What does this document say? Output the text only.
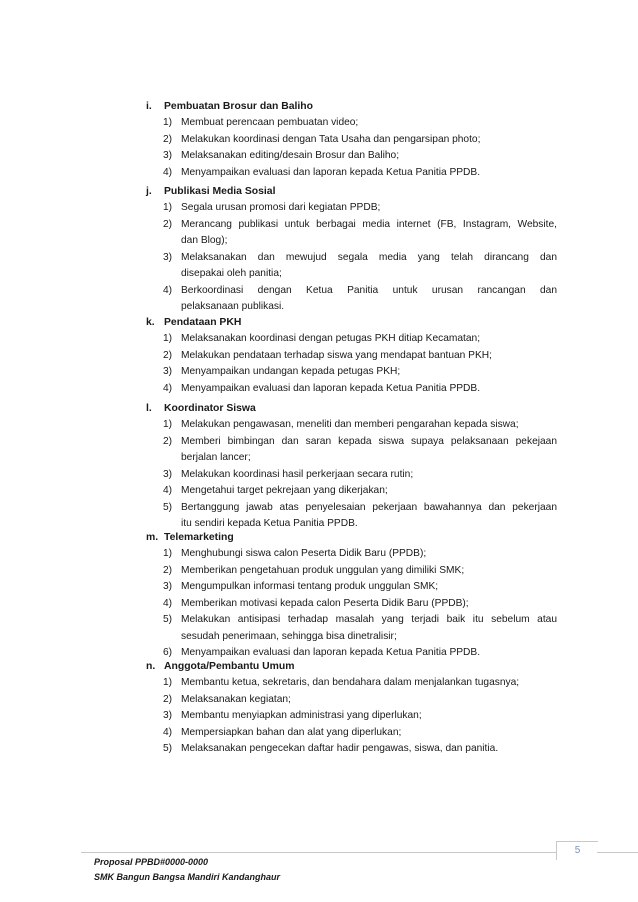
i. Pembuatan Brosur dan Baliho
1) Membuat perencaan pembuatan video;
2) Melakukan koordinasi dengan Tata Usaha dan pengarsipan photo;
3) Melaksanakan editing/desain Brosur dan Baliho;
4) Menyampaikan evaluasi dan laporan kepada Ketua Panitia PPDB.
j. Publikasi Media Sosial
1) Segala urusan promosi dari kegiatan PPDB;
2) Merancang publikasi untuk berbagai media internet (FB, Instagram, Website,
dan Blog);
3) Melaksanakan dan mewujud segala media yang telah dirancang dan
disepakai oleh panitia;
4) Berkoordinasi dengan Ketua Panitia untuk urusan rancangan dan
pelaksanaan publikasi.
k. Pendataan PKH
1) Melaksanakan koordinasi dengan petugas PKH ditiap Kecamatan;
2) Melakukan pendataan terhadap siswa yang mendapat bantuan PKH;
3) Menyampaikan undangan kepada petugas PKH;
4) Menyampaikan evaluasi dan laporan kepada Ketua Panitia PPDB.
l. Koordinator Siswa
1) Melakukan pengawasan, meneliti dan memberi pengarahan kepada siswa;
2) Memberi bimbingan dan saran kepada siswa supaya pelaksanaan pekejaan
berjalan lancer;
3) Melakukan koordinasi hasil perkerjaan secara rutin;
4) Mengetahui target pekrejaan yang dikerjakan;
5) Bertanggung jawab atas penyelesaian pekerjaan bawahannya dan pekerjaan
itu sendiri kepada Ketua Panitia PPDB.
m. Telemarketing
1) Menghubungi siswa calon Peserta Didik Baru (PPDB);
2) Memberikan pengetahuan produk unggulan yang dimiliki SMK;
3) Mengumpulkan informasi tentang produk unggulan SMK;
4) Memberikan motivasi kepada calon Peserta Didik Baru (PPDB);
5) Melakukan antisipasi terhadap masalah yang terjadi baik itu sebelum atau
sesudah penerimaan, sehingga bisa dinetralisir;
6) Menyampaikan evaluasi dan laporan kepada Ketua Panitia PPDB.
n. Anggota/Pembantu Umum
1) Membantu ketua, sekretaris, dan bendahara dalam menjalankan tugasnya;
2) Melaksanakan kegiatan;
3) Membantu menyiapkan administrasi yang diperlukan;
4) Mempersiapkan bahan dan alat yang diperlukan;
5) Melaksanakan pengecekan daftar hadir pengawas, siswa, dan panitia.
5
Proposal PPBD#0000-0000
SMK Bangun Bangsa Mandiri Kandanghaur
